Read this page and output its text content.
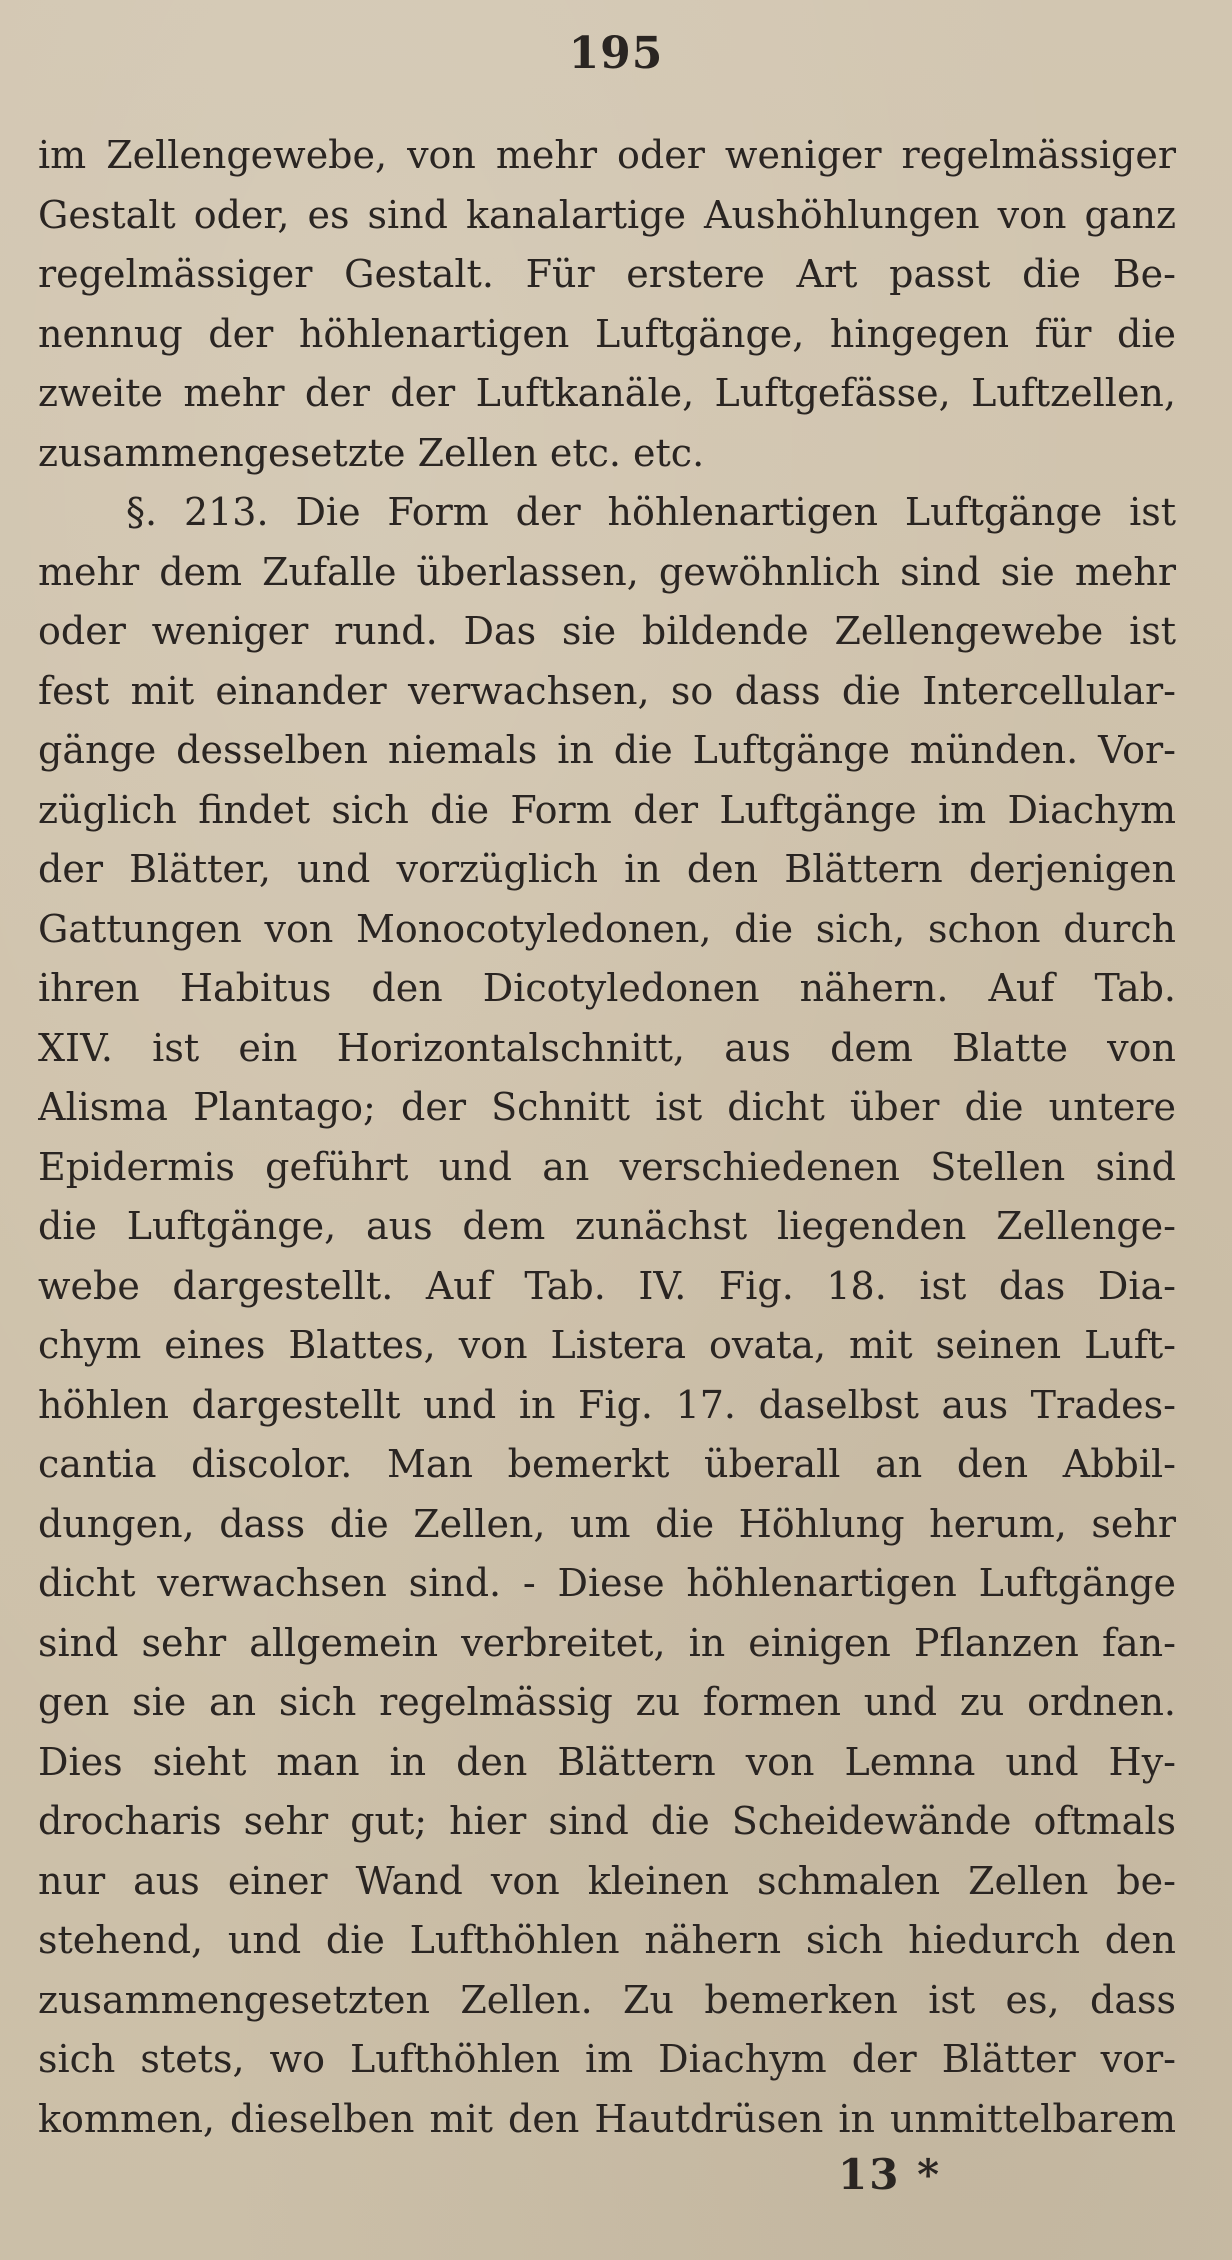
195
im Zellengewebe, von mehr oder weniger regelmässiger
Gestalt oder, es sind kanalartige Aushöhlungen von ganz
regelmässiger Gestalt. Für erstere Art passt die Be-
nennug der höhlenartigen Luftgänge, hingegen für die
zweite mehr der der Luftkanäle, Luftgefässe, Luftzellen,
zusammengesetzte Zellen etc. etc.
§. 213. Die Form der höhlenartigen Luftgänge ist
mehr dem Zufalle überlassen, gewöhnlich sind sie mehr
oder weniger rund. Das sie bildende Zellengewebe ist
fest mit einander verwachsen, so dass die Intercellular-
gänge desselben niemals in die Luftgänge münden. Vor-
züglich findet sich die Form der Luftgänge im Diachym
der Blätter, und vorzüglich in den Blättern derjenigen
Gattungen von Monocotyledonen, die sich, schon durch
ihren Habitus den Dicotyledonen nähern. Auf Tab.
XIV. ist ein Horizontalschnitt, aus dem Blatte von
Alisma Plantago; der Schnitt ist dicht über die untere
Epidermis geführt und an verschiedenen Stellen sind
die Luftgänge, aus dem zunächst liegenden Zellenge-
webe dargestellt. Auf Tab. IV. Fig. 18. ist das Dia-
chym eines Blattes, von Listera ovata, mit seinen Luft-
höhlen dargestellt und in Fig. 17. daselbst aus Trades-
cantia discolor. Man bemerkt überall an den Abbil-
dungen, dass die Zellen, um die Höhlung herum, sehr
dicht verwachsen sind. - Diese höhlenartigen Luftgänge
sind sehr allgemein verbreitet, in einigen Pflanzen fan-
gen sie an sich regelmässig zu formen und zu ordnen.
Dies sieht man in den Blättern von Lemna und Hy-
drocharis sehr gut; hier sind die Scheidewände oftmals
nur aus einer Wand von kleinen schmalen Zellen be-
stehend, und die Lufthöhlen nähern sich hiedurch den
zusammengesetzten Zellen. Zu bemerken ist es, dass
sich stets, wo Lufthöhlen im Diachym der Blätter vor-
kommen, dieselben mit den Hautdrüsen in unmittelbarem
13 *
